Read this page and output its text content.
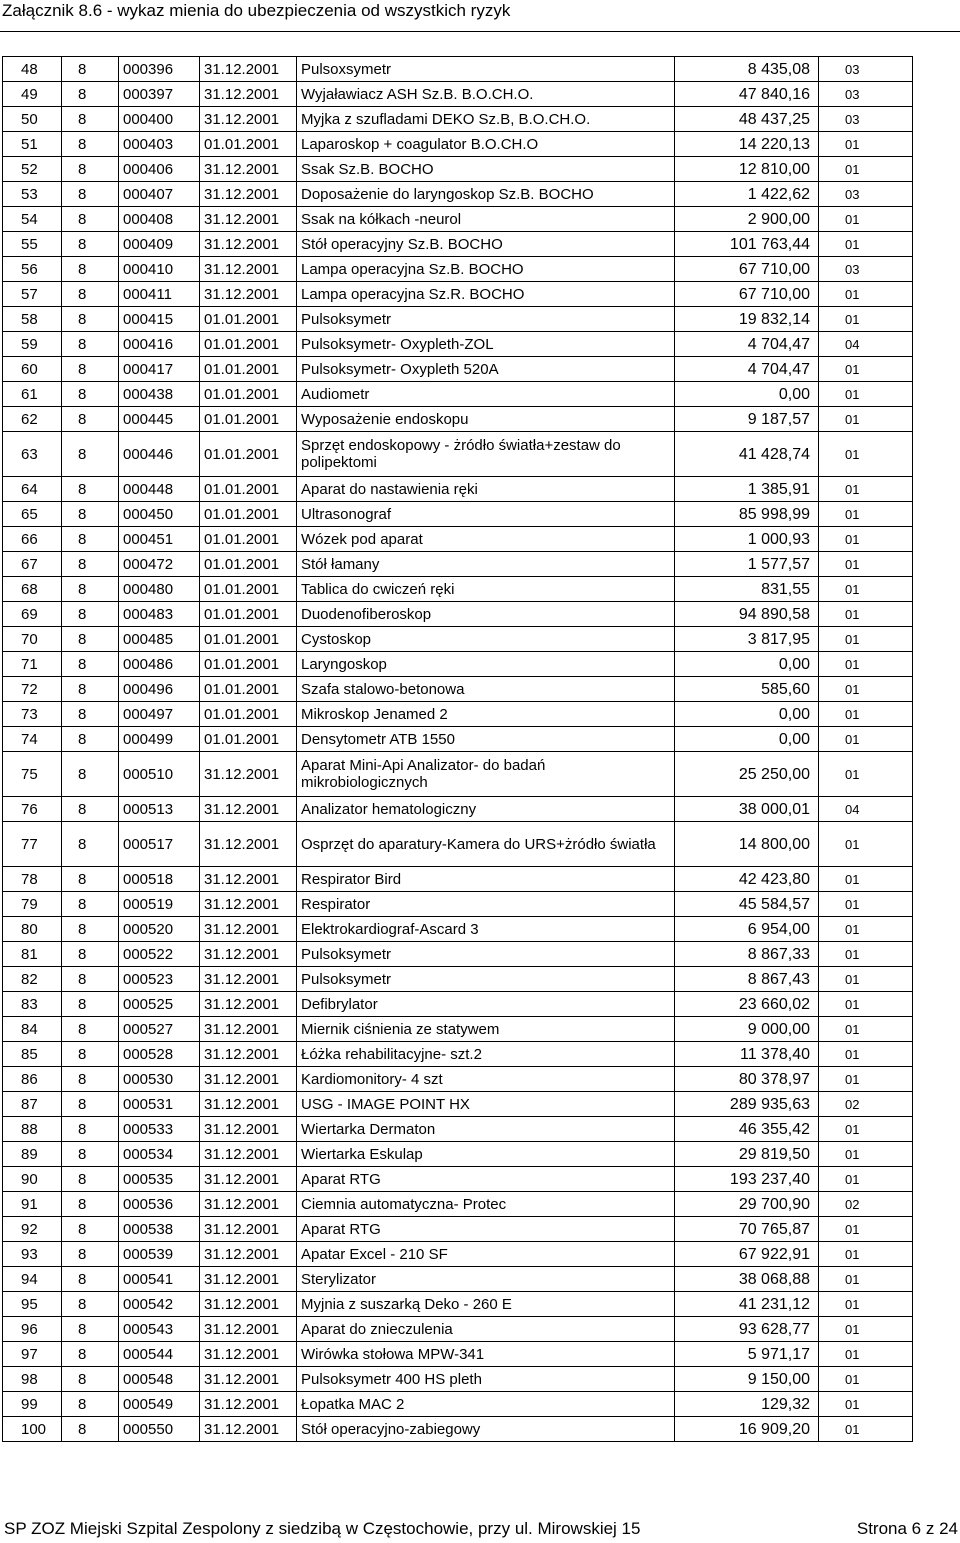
Załącznik 8.6 - wykaz mienia do ubezpieczenia od wszystkich ryzyk
48	8	000396	31.12.2001	Pulsoxsymetr	8 435,08	03
49	8	000397	31.12.2001	Wyjaławiacz ASH Sz.B. B.O.CH.O.	47 840,16	03
50	8	000400	31.12.2001	Myjka z szufladami DEKO Sz.B, B.O.CH.O.	48 437,25	03
51	8	000403	01.01.2001	Laparoskop + coagulator B.O.CH.O	14 220,13	01
52	8	000406	31.12.2001	Ssak Sz.B. BOCHO	12 810,00	01
53	8	000407	31.12.2001	Doposażenie do laryngoskop Sz.B. BOCHO	1 422,62	03
54	8	000408	31.12.2001	Ssak na kółkach -neurol	2 900,00	01
55	8	000409	31.12.2001	Stół operacyjny Sz.B. BOCHO	101 763,44	01
56	8	000410	31.12.2001	Lampa operacyjna Sz.B. BOCHO	67 710,00	03
57	8	000411	31.12.2001	Lampa operacyjna Sz.R. BOCHO	67 710,00	01
58	8	000415	01.01.2001	Pulsoksymetr	19 832,14	01
59	8	000416	01.01.2001	Pulsoksymetr- Oxypleth-ZOL	4 704,47	04
60	8	000417	01.01.2001	Pulsoksymetr- Oxypleth 520A	4 704,47	01
61	8	000438	01.01.2001	Audiometr	0,00	01
62	8	000445	01.01.2001	Wyposażenie endoskopu	9 187,57	01
63	8	000446	01.01.2001	Sprzęt endoskopowy - żródło światła+zestaw do polipektomi	41 428,74	01
64	8	000448	01.01.2001	Aparat do nastawienia ręki	1 385,91	01
65	8	000450	01.01.2001	Ultrasonograf	85 998,99	01
66	8	000451	01.01.2001	Wózek pod aparat	1 000,93	01
67	8	000472	01.01.2001	Stół łamany	1 577,57	01
68	8	000480	01.01.2001	Tablica do cwiczeń ręki	831,55	01
69	8	000483	01.01.2001	Duodenofiberoskop	94 890,58	01
70	8	000485	01.01.2001	Cystoskop	3 817,95	01
71	8	000486	01.01.2001	Laryngoskop	0,00	01
72	8	000496	01.01.2001	Szafa stalowo-betonowa	585,60	01
73	8	000497	01.01.2001	Mikroskop Jenamed 2	0,00	01
74	8	000499	01.01.2001	Densytometr ATB 1550	0,00	01
75	8	000510	31.12.2001	Aparat Mini-Api Analizator- do badań mikrobiologicznych	25 250,00	01
76	8	000513	31.12.2001	Analizator hematologiczny	38 000,01	04
77	8	000517	31.12.2001	Osprzęt do aparatury-Kamera do URS+żródło światła	14 800,00	01
78	8	000518	31.12.2001	Respirator Bird	42 423,80	01
79	8	000519	31.12.2001	Respirator	45 584,57	01
80	8	000520	31.12.2001	Elektrokardiograf-Ascard 3	6 954,00	01
81	8	000522	31.12.2001	Pulsoksymetr	8 867,33	01
82	8	000523	31.12.2001	Pulsoksymetr	8 867,43	01
83	8	000525	31.12.2001	Defibrylator	23 660,02	01
84	8	000527	31.12.2001	Miernik ciśnienia ze statywem	9 000,00	01
85	8	000528	31.12.2001	Łóżka rehabilitacyjne- szt.2	11 378,40	01
86	8	000530	31.12.2001	Kardiomonitory- 4 szt	80 378,97	01
87	8	000531	31.12.2001	USG - IMAGE POINT HX	289 935,63	02
88	8	000533	31.12.2001	Wiertarka Dermaton	46 355,42	01
89	8	000534	31.12.2001	Wiertarka Eskulap	29 819,50	01
90	8	000535	31.12.2001	Aparat RTG	193 237,40	01
91	8	000536	31.12.2001	Ciemnia automatyczna- Protec	29 700,90	02
92	8	000538	31.12.2001	Aparat RTG	70 765,87	01
93	8	000539	31.12.2001	Apatar Excel - 210 SF	67 922,91	01
94	8	000541	31.12.2001	Sterylizator	38 068,88	01
95	8	000542	31.12.2001	Myjnia z suszarką Deko - 260 E	41 231,12	01
96	8	000543	31.12.2001	Aparat do znieczulenia	93 628,77	01
97	8	000544	31.12.2001	Wirówka stołowa MPW-341	5 971,17	01
98	8	000548	31.12.2001	Pulsoksymetr 400 HS pleth	9 150,00	01
99	8	000549	31.12.2001	Łopatka MAC 2	129,32	01
100	8	000550	31.12.2001	Stół operacyjno-zabiegowy	16 909,20	01
SP ZOZ Miejski Szpital Zespolony z siedzibą w Częstochowie, przy ul. Mirowskiej 15	Strona 6 z 24
